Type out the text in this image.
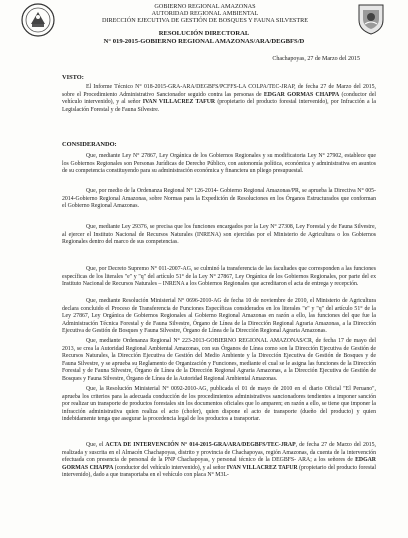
GOBIERNO REGIONAL AMAZONAS
AUTORIDAD REGIONAL AMBIENTAL
DIRECCIÓN EJECUTIVA DE GESTIÓN DE BOSQUES Y FAUNA SILVESTRE
RESOLUCIÓN DIRECTORAL
N° 019-2015-GOBIERNO REGIONAL AMAZONAS/ARA/DEGBFS/D
Chachapoyas, 27 de Marzo del 2015
VISTO:
El Informe Técnico N° 018-2015-GRA-ARA/DEGBFS/PCFFS-LA COLPA/TEC-JRAP, de fecha 27 de Marzo del 2015, sobre el Procedimiento Administrativo Sancionador seguido contra las personas de EDGAR GORMAS CHAPPA (conductor del vehículo intervenido), y al señor IVAN VILLACREZ TAFUR (propietario del producto forestal intervenido), por Infracción a la Legislación Forestal y de Fauna Silvestre.
CONSIDERANDO:
Que, mediante Ley N° 27867, Ley Orgánica de los Gobiernos Regionales y su modificatoria Ley N° 27902, establece que los Gobiernos Regionales son Personas Jurídicas de Derecho Público, con autonomía política, económica y administrativa en asuntos de su competencia constituyendo para su administración económica y financiera un pliego presupuestal.
Que, por medio de la Ordenanza Regional N° 126-2014- Gobierno Regional Amazonas/PR, se aprueba la Directiva N° 005-2014-Gobierno Regional Amazonas, sobre Normas para la Expedición de Resoluciones en los Órganos Estructurados que conforman el Gobierno Regional Amazonas.
Que, mediante Ley 29376, se precisa que los funciones encargados por la Ley N° 27308, Ley Forestal y de Fauna Silvestre, al ejercer el Instituto Nacional de Recursos Naturales (INRENA) son ejercidas por el Ministerio de Agricultura o los Gobiernos Regionales dentro del marco de sus competencias.
Que, por Decreto Supremo N° 011-2007-AG, se culminó la transferencia de las facultades que corresponden a las funciones específicas de los literales "e" y "q" del artículo 51° de la Ley N° 27867, Ley Orgánica de los Gobiernos Regionales, por parte del ex Instituto Nacional de Recursos Naturales – INRENA a los Gobiernos Regionales que acreditaron el acta de entrega y recepción.
Que, mediante Resolución Ministerial N° 0696-2010-AG de fecha 10 de noviembre de 2010, el Ministerio de Agricultura declara concluido el Proceso de Transferencia de Funciones Específicas considerados en los literales "e" y "q" del artículo 51° de la Ley 27867, Ley Orgánica de Gobiernos Regionales al Gobierno Regional Amazonas en razón a ello, las funciones del que fue la Administración Técnica Forestal y de Fauna Silvestre, Órgano de Línea de la Dirección Regional Agraria Amazonas, a la Dirección Ejecutiva de Gestión de Bosques y Fauna Silvestre, Órgano de Línea de la Dirección Regional Agraria Amazonas.
Que, mediante Ordenanza Regional N° 223-2013-GOBIERNO REGIONAL AMAZONAS/CR, de fecha 17 de mayo del 2013, se crea la Autoridad Regional Ambiental Amazonas, con sus Órganos de Línea como son la Dirección Ejecutiva de Gestión de Recursos Naturales, la Dirección Ejecutiva de Gestión del Medio Ambiente y la Dirección Ejecutiva de Gestión de Bosques y de Fauna Silvestre, y se aprueba su Reglamento de Organización y Funciones, mediante el cual se le asigna las funciones de la Dirección Forestal y de Fauna Silvestre, Órgano de Línea de la Dirección Regional Agraria Amazonas, a la Dirección Ejecutiva de Gestión de Bosques y Fauna Silvestre, Órgano de Línea de la Autoridad Regional Ambiental Amazonas.
Que, la Resolución Ministerial N° 0092-2010-AG, publicada el 01 de mayo de 2010 en el diario Oficial "El Peruano", aprueba los criterios para la adecuada conducción de los procedimientos administrativos sancionadores tendientes a imponer sanción por realizar un transporte de productos forestales sin los documentos oficiales que lo amparen; en razón a ello, se tiene que imponer la infracción administrativa quien realiza el acto (chofer), quien dispone el acto de transporte (dueño del producto) y quien indebidamente tenga que asegurar la procedencia legal de los productos a transportar.
Que, el ACTA DE INTERVENCIÓN N° 014-2015-GRA/ARA/DEGBFS/TEC-JRAP, de fecha 27 de Marzo del 2015, realizada y suscrita en el Almacén Chachapoyas, distrito y provincia de Chachapoyas, región Amazonas, da cuenta de la intervención efectuada con presencia de personal de la PNP Chachapoyas, y personal técnico de la DEGBFS- ARA; a los señores de EDGAR GORMAS CHAPPA (conductor del vehículo intervenido), y al señor IVAN VILLACREZ TAFUR (propietario del producto forestal intervenido), dado a que transportaba en el vehículo con placa N° M3L-
